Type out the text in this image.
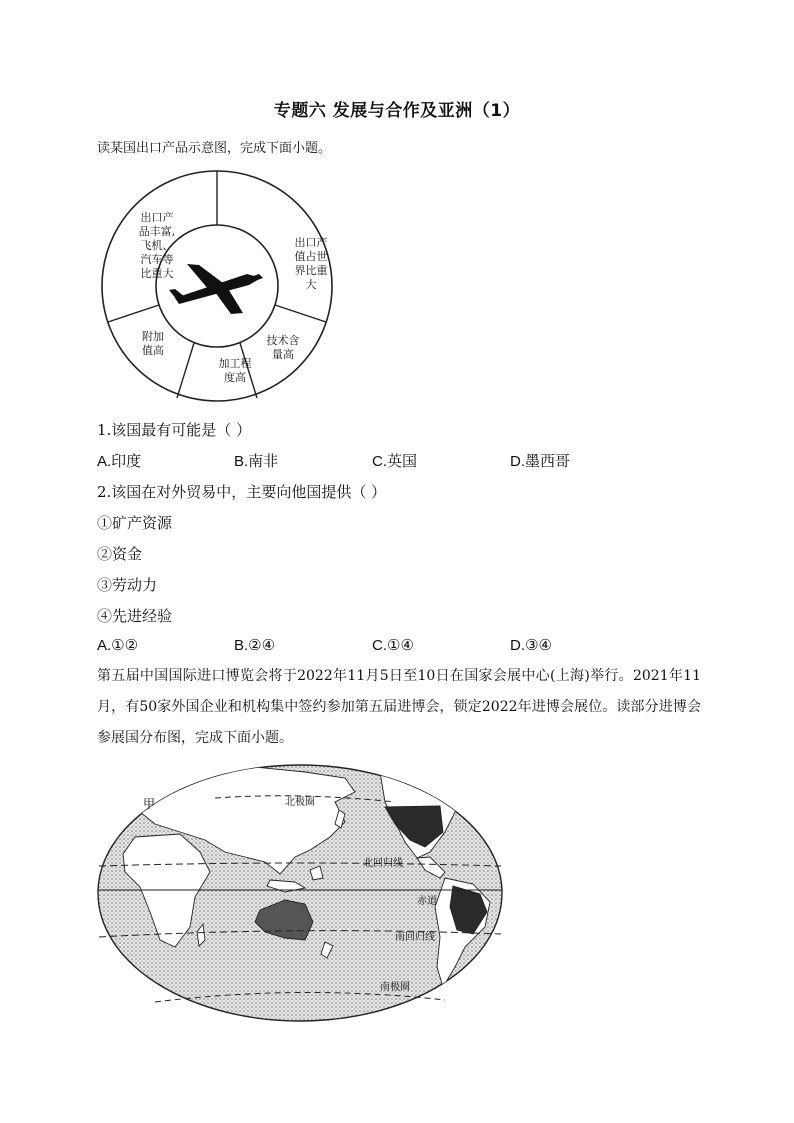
专题六 发展与合作及亚洲（1）
读某国出口产品示意图，完成下面小题。
出口产
品丰富,
飞机、
汽车等
比重大
出口产
值占世
界比重
大
技术含
量高
加工程
度高
附加
值高
1.该国最有可能是（ ）
A.印度	B.南非	C.英国	D.墨西哥
2.该国在对外贸易中，主要向他国提供（ ）
①矿产资源
②资金
③劳动力
④先进经验
A.①②	B.②④	C.①④	D.③④
第五届中国国际进口博览会将于2022年11月5日至10日在国家会展中心(上海)举行。2021年11月，有50家外国企业和机构集中签约参加第五届进博会，锁定2022年进博会展位。读部分进博会参展国分布图，完成下面小题。
甲	北极圈
北回归线
赤道
南回归线
南极圈
